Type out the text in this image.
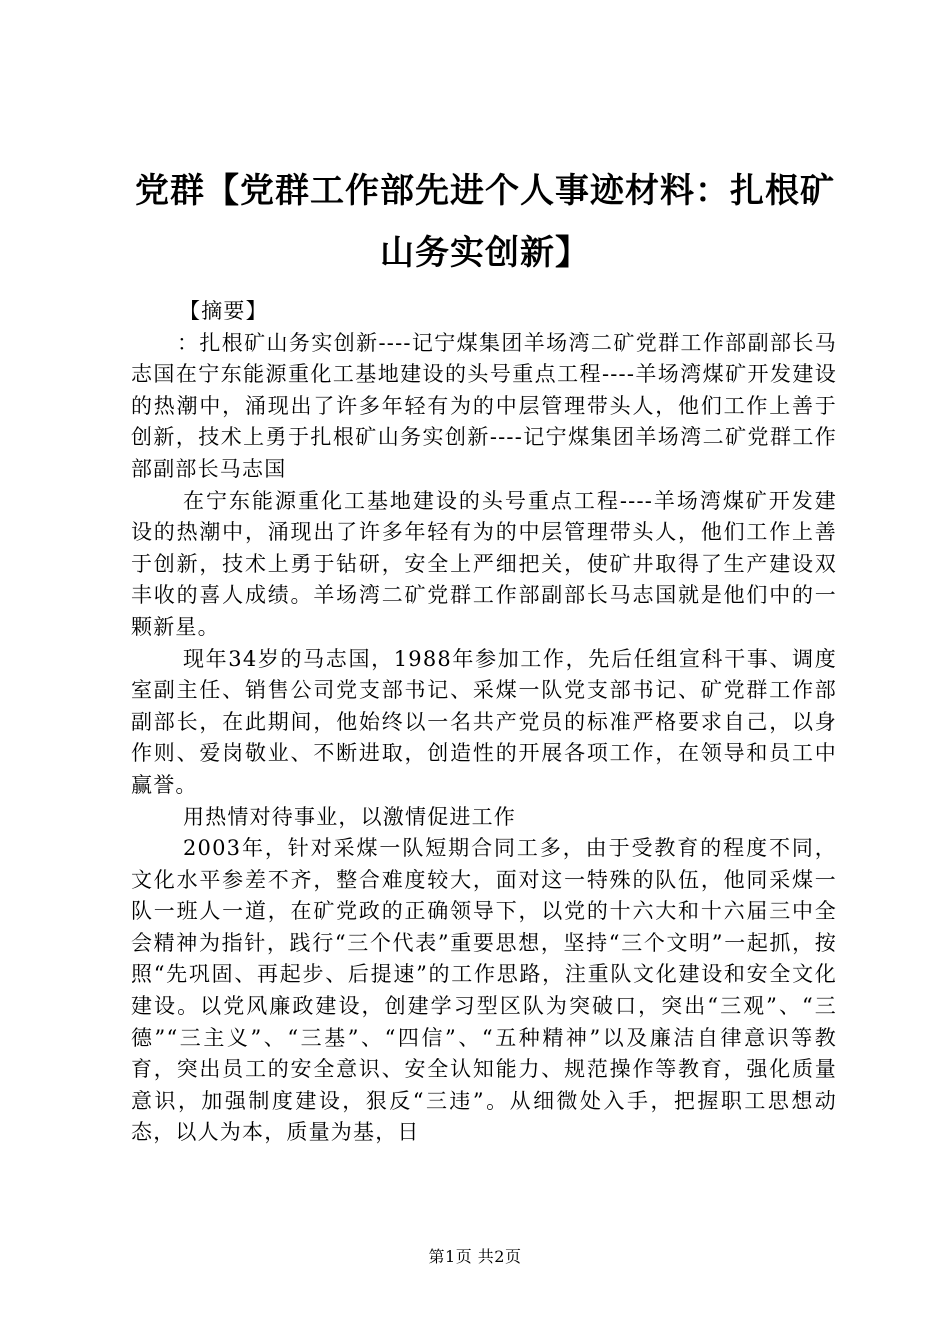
党群【党群工作部先进个人事迹材料：扎根矿山务实创新】

【摘要】

：扎根矿山务实创新----记宁煤集团羊场湾二矿党群工作部副部长马志国在宁东能源重化工基地建设的头号重点工程----羊场湾煤矿开发建设的热潮中，涌现出了许多年轻有为的中层管理带头人，他们工作上善于创新，技术上勇于扎根矿山务实创新----记宁煤集团羊场湾二矿党群工作部副部长马志国

在宁东能源重化工基地建设的头号重点工程----羊场湾煤矿开发建设的热潮中，涌现出了许多年轻有为的中层管理带头人，他们工作上善于创新，技术上勇于钻研，安全上严细把关，使矿井取得了生产建设双丰收的喜人成绩。羊场湾二矿党群工作部副部长马志国就是他们中的一颗新星。

现年34岁的马志国，1988年参加工作，先后任组宣科干事、调度室副主任、销售公司党支部书记、采煤一队党支部书记、矿党群工作部副部长，在此期间，他始终以一名共产党员的标准严格要求自己，以身作则、爱岗敬业、不断进取，创造性的开展各项工作，在领导和员工中赢誉。

用热情对待事业，以激情促进工作

2003年，针对采煤一队短期合同工多，由于受教育的程度不同，文化水平参差不齐，整合难度较大，面对这一特殊的队伍，他同采煤一队一班人一道，在矿党政的正确领导下，以党的十六大和十六届三中全会精神为指针，践行“三个代表”重要思想，坚持“三个文明”一起抓，按照“先巩固、再起步、后提速”的工作思路，注重队文化建设和安全文化建设。以党风廉政建设，创建学习型区队为突破口，突出“三观”、“三德”“三主义”、“三基”、“四信”、“五种精神”以及廉洁自律意识等教育，突出员工的安全意识、安全认知能力、规范操作等教育，强化质量意识，加强制度建设，狠反“三违”。从细微处入手，把握职工思想动态，以人为本，质量为基，日

第1页 共2页
